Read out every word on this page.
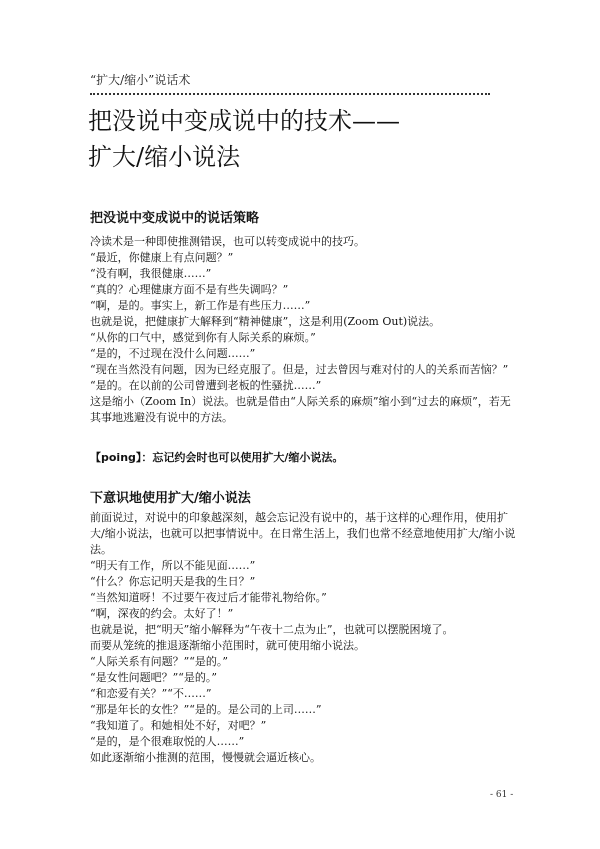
“扩大/缩小”说话术
把没说中变成说中的技术——
扩大/缩小说法
把没说中变成说中的说话策略

冷读术是一种即使推测错误，也可以转变成说中的技巧。

“最近，你健康上有点问题？”

“没有啊，我很健康……”

“真的？心理健康方面不是有些失调吗？”

“啊，是的。事实上，新工作是有些压力……”

也就是说，把健康扩大解释到“精神健康”，这是利用(Zoom Out)说法。

“从你的口气中，感觉到你有人际关系的麻烦。”

“是的，不过现在没什么问题……”

“现在当然没有问题，因为已经克服了。但是，过去曾因与难对付的人的关系而苦恼？”

“是的。在以前的公司曾遭到老板的性骚扰……”

这是缩小（Zoom In）说法。也就是借由“人际关系的麻烦”缩小到“过去的麻烦”，若无其事地逃避没有说中的方法。

【poing】：忘记约会时也可以使用扩大/缩小说法。
下意识地使用扩大/缩小说法

前面说过，对说中的印象越深刻，越会忘记没有说中的，基于这样的心理作用，使用扩大/缩小说法，也就可以把事情说中。在日常生活上，我们也常不经意地使用扩大/缩小说法。

“明天有工作，所以不能见面……”

“什么？你忘记明天是我的生日？”

“当然知道呀！不过要午夜过后才能带礼物给你。”

“啊，深夜的约会。太好了！”

也就是说，把“明天”缩小解释为“午夜十二点为止”，也就可以摆脱困境了。

而要从笼统的推退逐渐缩小范围时，就可使用缩小说法。

“人际关系有问题？”“是的。”

“是女性问题吧？”“是的。”

“和恋爱有关？”“不……”

“那是年长的女性？”“是的。是公司的上司……”

“我知道了。和她相处不好，对吧？”

“是的，是个很难取悦的人……”

如此逐渐缩小推测的范围，慢慢就会逼近核心。

- 61 -
